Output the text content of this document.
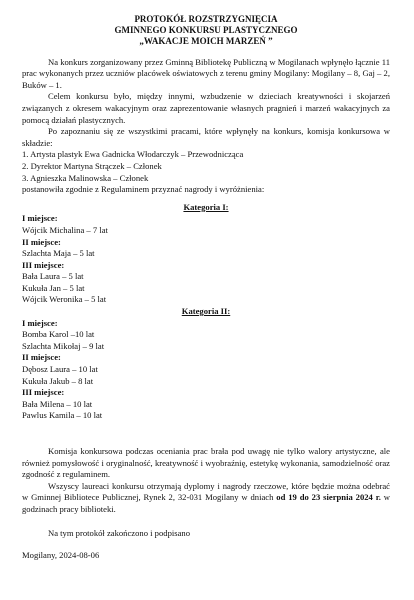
PROTOKÓŁ ROZSTRZYGNIĘCIA
GMINNEGO KONKURSU PLASTYCZNEGO
„WAKACJE MOICH MARZEŃ ”
Na konkurs zorganizowany przez Gminną Bibliotekę Publiczną w Mogilanach wpłynęło łącznie 11 prac wykonanych przez uczniów placówek oświatowych z terenu gminy Mogilany: Mogilany – 8, Gaj – 2, Buków – 1.
Celem konkursu było, między innymi, wzbudzenie w dzieciach kreatywności i skojarzeń związanych z okresem wakacyjnym oraz zaprezentowanie własnych pragnień i marzeń wakacyjnych za pomocą działań plastycznych.
Po zapoznaniu się ze wszystkimi pracami, które wpłynęły na konkurs, komisja konkursowa w składzie:
1. Artysta plastyk Ewa Gadnicka Włodarczyk – Przewodnicząca
2. Dyrektor Martyna Strączek – Członek
3. Agnieszka Malinowska – Członek
postanowiła zgodnie z Regulaminem przyznać nagrody i wyróżnienia:
Kategoria I:
I miejsce:
Wójcik Michalina – 7 lat
II miejsce:
Szlachta Maja – 5 lat
III miejsce:
Bała Laura – 5 lat
Kukuła Jan – 5 lat
Wójcik Weronika – 5 lat
Kategoria II:
I miejsce:
Bomba Karol –10 lat
Szlachta Mikołaj – 9 lat
II miejsce:
Dębosz Laura – 10 lat
Kukuła Jakub – 8 lat
III miejsce:
Bała Milena – 10 lat
Pawlus Kamila – 10 lat
Komisja konkursowa podczas oceniania prac brała pod uwagę nie tylko walory artystyczne, ale również pomysłowość i oryginalność, kreatywność i wyobraźnię, estetykę wykonania, samodzielność oraz zgodność z regulaminem.
Wszyscy laureaci konkursu otrzymają dyplomy i nagrody rzeczowe, które będzie można odebrać w Gminnej Bibliotece Publicznej, Rynek 2, 32-031 Mogilany w dniach od 19 do 23 sierpnia 2024 r. w godzinach pracy biblioteki.
Na tym protokół zakończono i podpisano
Mogilany, 2024-08-06
